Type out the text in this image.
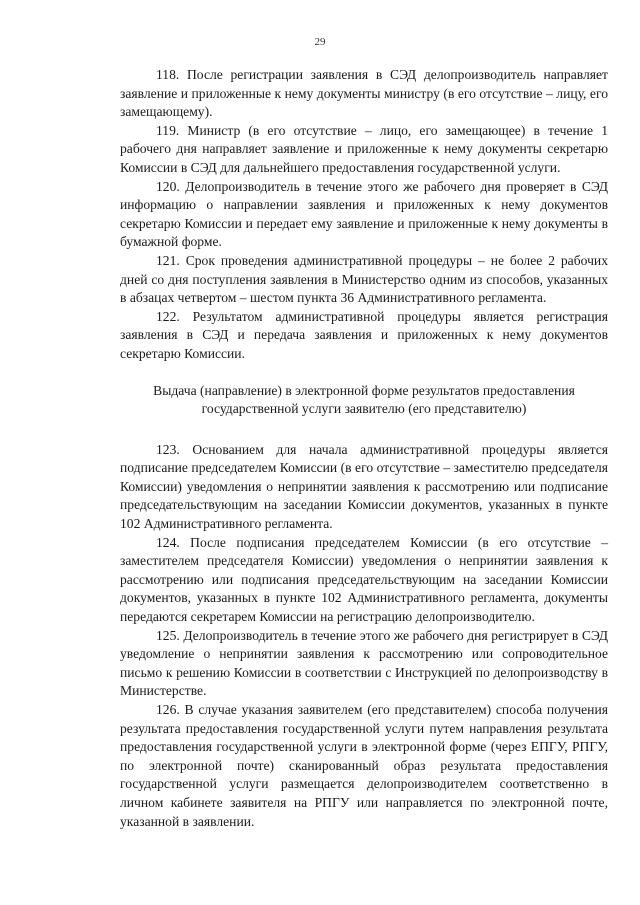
29

118. После регистрации заявления в СЭД делопроизводитель направляет заявление и приложенные к нему документы министру (в его отсутствие – лицу, его замещающему).

119. Министр (в его отсутствие – лицо, его замещающее) в течение 1 рабочего дня направляет заявление и приложенные к нему документы секретарю Комиссии в СЭД для дальнейшего предоставления государственной услуги.

120. Делопроизводитель в течение этого же рабочего дня проверяет в СЭД информацию о направлении заявления и приложенных к нему документов секретарю Комиссии и передает ему заявление и приложенные к нему документы в бумажной форме.

121. Срок проведения административной процедуры – не более 2 рабочих дней со дня поступления заявления в Министерство одним из способов, указанных в абзацах четвертом – шестом пункта 36 Административного регламента.

122. Результатом административной процедуры является регистрация заявления в СЭД и передача заявления и приложенных к нему документов секретарю Комиссии.

Выдача (направление) в электронной форме результатов предоставления государственной услуги заявителю (его представителю)

123. Основанием для начала административной процедуры является подписание председателем Комиссии (в его отсутствие – заместителю председателя Комиссии) уведомления о непринятии заявления к рассмотрению или подписание председательствующим на заседании Комиссии документов, указанных в пункте 102 Административного регламента.

124. После подписания председателем Комиссии (в его отсутствие – заместителем председателя Комиссии) уведомления о непринятии заявления к рассмотрению или подписания председательствующим на заседании Комиссии документов, указанных в пункте 102 Административного регламента, документы передаются секретарем Комиссии на регистрацию делопроизводителю.

125. Делопроизводитель в течение этого же рабочего дня регистрирует в СЭД уведомление о непринятии заявления к рассмотрению или сопроводительное письмо к решению Комиссии в соответствии с Инструкцией по делопроизводству в Министерстве.

126. В случае указания заявителем (его представителем) способа получения результата предоставления государственной услуги путем направления результата предоставления государственной услуги в электронной форме (через ЕПГУ, РПГУ, по электронной почте) сканированный образ результата предоставления государственной услуги размещается делопроизводителем соответственно в личном кабинете заявителя на РПГУ или направляется по электронной почте, указанной в заявлении.
